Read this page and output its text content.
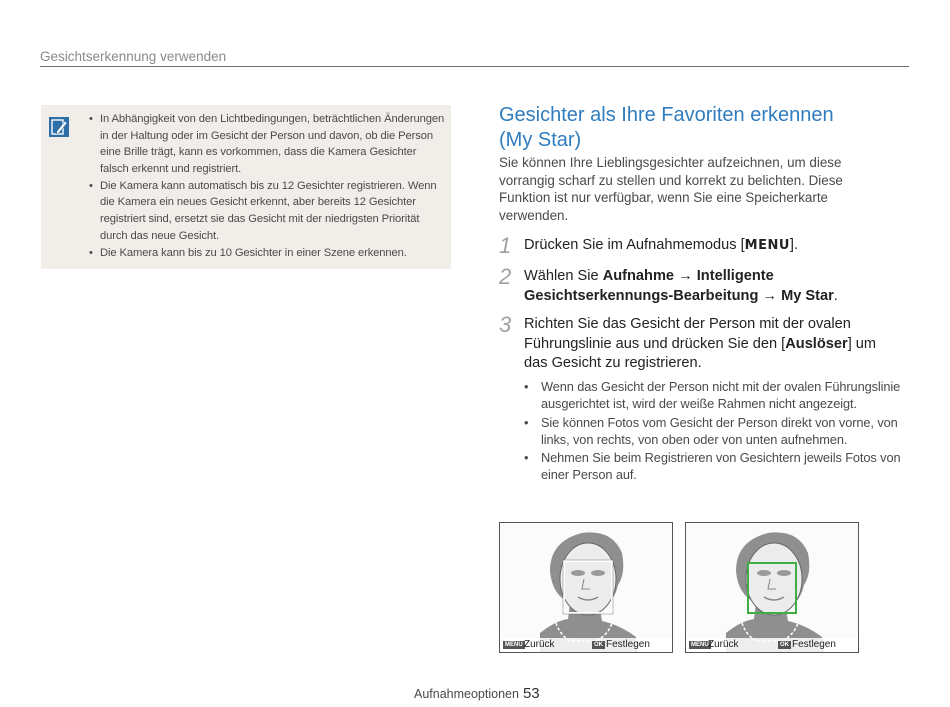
Gesichtserkennung verwenden
• In Abhängigkeit von den Lichtbedingungen, beträchtlichen Änderungen in der Haltung oder im Gesicht der Person und davon, ob die Person eine Brille trägt, kann es vorkommen, dass die Kamera Gesichter falsch erkennt und registriert.
• Die Kamera kann automatisch bis zu 12 Gesichter registrieren. Wenn die Kamera ein neues Gesicht erkennt, aber bereits 12 Gesichter registriert sind, ersetzt sie das Gesicht mit der niedrigsten Priorität durch das neue Gesicht.
• Die Kamera kann bis zu 10 Gesichter in einer Szene erkennen.
Gesichter als Ihre Favoriten erkennen
(My Star)
Sie können Ihre Lieblingsgesichter aufzeichnen, um diese vorrangig scharf zu stellen und korrekt zu belichten. Diese Funktion ist nur verfügbar, wenn Sie eine Speicherkarte verwenden.
1 Drücken Sie im Aufnahmemodus [MENU].
2 Wählen Sie Aufnahme → Intelligente Gesichtserkennungs-Bearbeitung → My Star.
3 Richten Sie das Gesicht der Person mit der ovalen Führungslinie aus und drücken Sie den [Auslöser] um das Gesicht zu registrieren.
• Wenn das Gesicht der Person nicht mit der ovalen Führungslinie ausgerichtet ist, wird der weiße Rahmen nicht angezeigt.
• Sie können Fotos vom Gesicht der Person direkt von vorne, von links, von rechts, von oben oder von unten aufnehmen.
• Nehmen Sie beim Registrieren von Gesichtern jeweils Fotos von einer Person auf.
MENU Zurück	OK Festlegen	MENU Zurück	OK Festlegen
Aufnahmeoptionen 53
